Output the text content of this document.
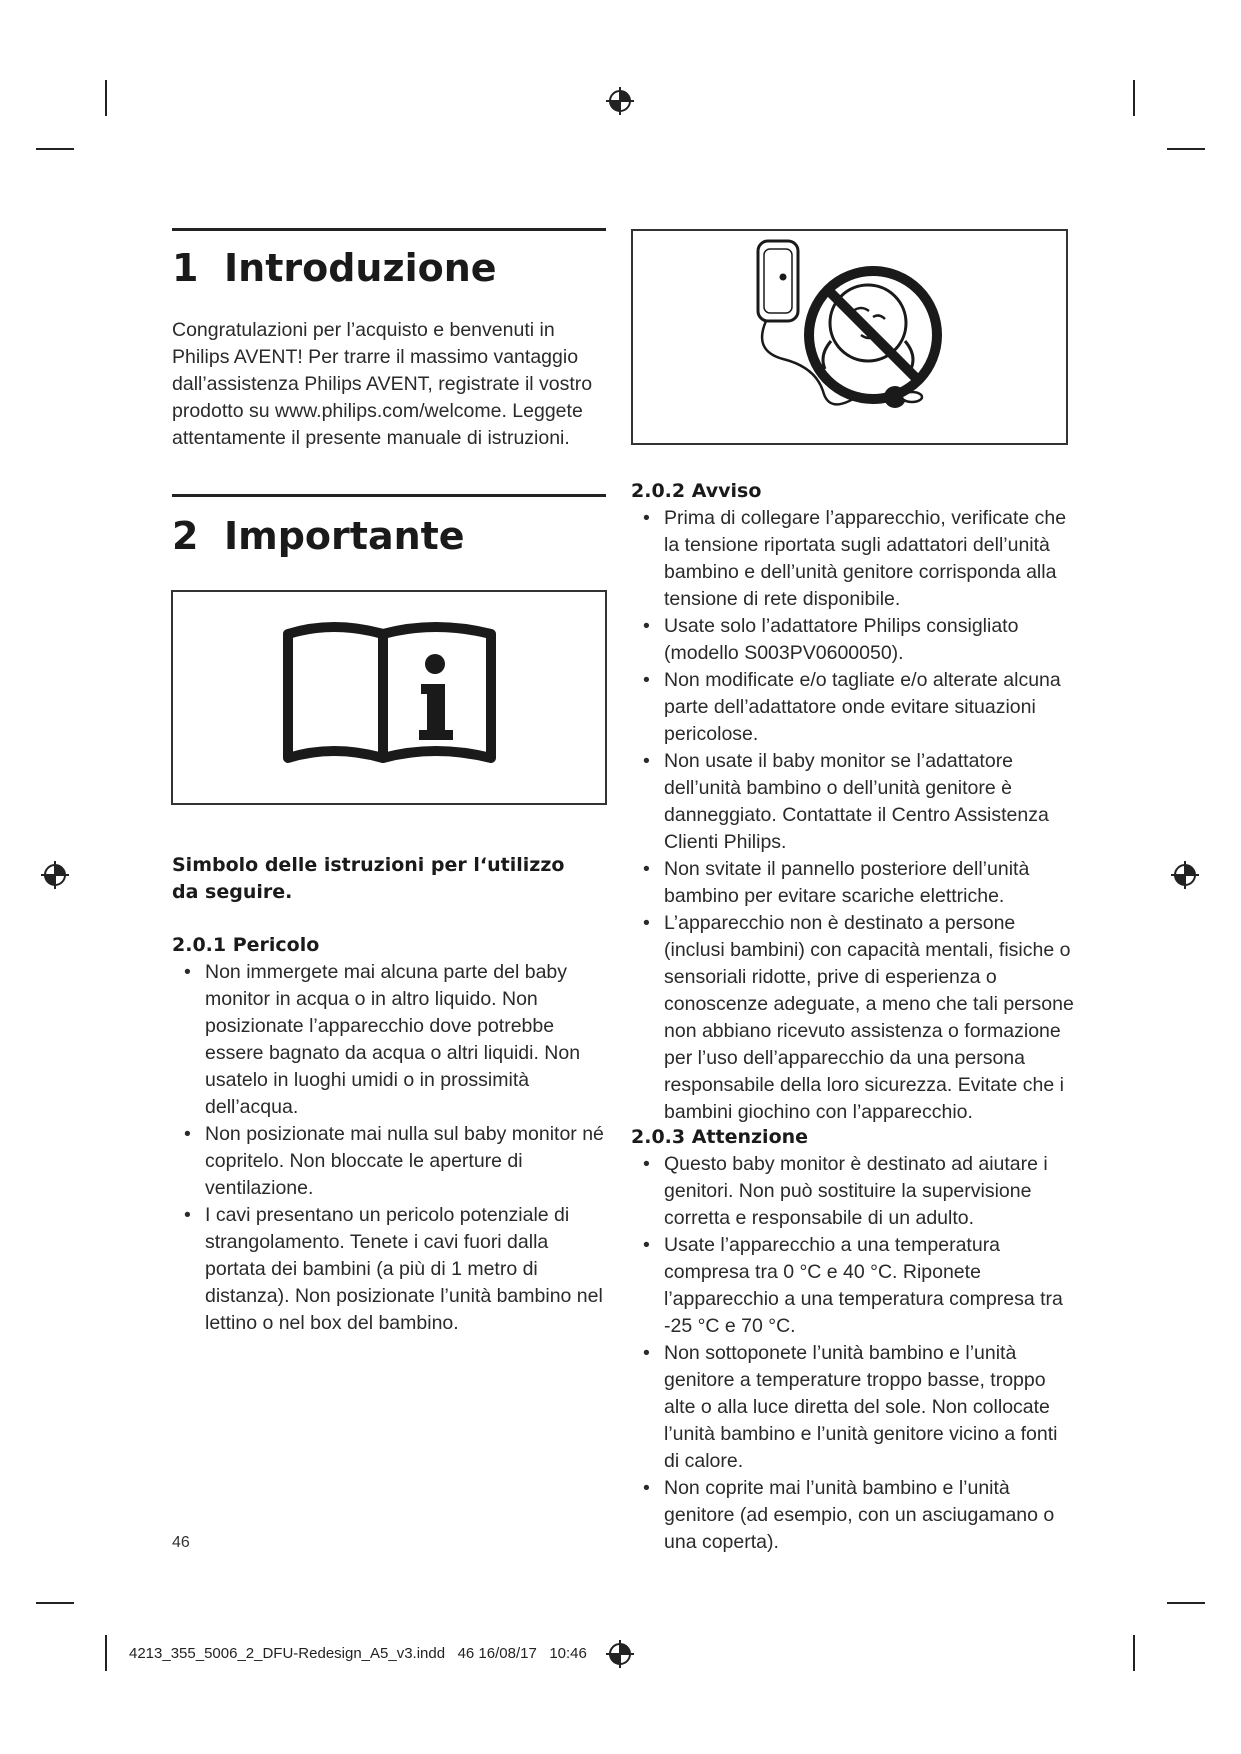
1 Introduzione

Congratulazioni per l’acquisto e benvenuti in Philips AVENT! Per trarre il massimo vantaggio dall’assistenza Philips AVENT, registrate il vostro prodotto su www.philips.com/welcome. Leggete attentamente il presente manuale di istruzioni.

2 Importante

Simbolo delle istruzioni per l‘utilizzo da seguire.

2.0.1 Pericolo

• Non immergete mai alcuna parte del baby monitor in acqua o in altro liquido. Non posizionate l’apparecchio dove potrebbe essere bagnato da acqua o altri liquidi. Non usatelo in luoghi umidi o in prossimità dell’acqua.
• Non posizionate mai nulla sul baby monitor né copritelo. Non bloccate le aperture di ventilazione.
• I cavi presentano un pericolo potenziale di strangolamento. Tenete i cavi fuori dalla portata dei bambini (a più di 1 metro di distanza). Non posizionate l’unità bambino nel lettino o nel box del bambino.

2.0.2 Avviso

• Prima di collegare l’apparecchio, verificate che la tensione riportata sugli adattatori dell’unità bambino e dell’unità genitore corrisponda alla tensione di rete disponibile.
• Usate solo l’adattatore Philips consigliato (modello S003PV0600050).
• Non modificate e/o tagliate e/o alterate alcuna parte dell’adattatore onde evitare situazioni pericolose.
• Non usate il baby monitor se l’adattatore dell’unità bambino o dell’unità genitore è danneggiato. Contattate il Centro Assistenza Clienti Philips.
• Non svitate il pannello posteriore dell’unità bambino per evitare scariche elettriche.
• L’apparecchio non è destinato a persone (inclusi bambini) con capacità mentali, fisiche o sensoriali ridotte, prive di esperienza o conoscenze adeguate, a meno che tali persone non abbiano ricevuto assistenza o formazione per l’uso dell’apparecchio da una persona responsabile della loro sicurezza. Evitate che i bambini giochino con l’apparecchio.

2.0.3 Attenzione

• Questo baby monitor è destinato ad aiutare i genitori. Non può sostituire la supervisione corretta e responsabile di un adulto.
• Usate l’apparecchio a una temperatura compresa tra 0 °C e 40 °C. Riponete l’apparecchio a una temperatura compresa tra -25 °C e 70 °C.
• Non sottoponete l’unità bambino e l’unità genitore a temperature troppo basse, troppo alte o alla luce diretta del sole. Non collocate l’unità bambino e l’unità genitore vicino a fonti di calore.
• Non coprite mai l’unità bambino e l’unità genitore (ad esempio, con un asciugamano o una coperta).
46
4213_355_5006_2_DFU-Redesign_A5_v3.indd   46 16/08/17   10:46
